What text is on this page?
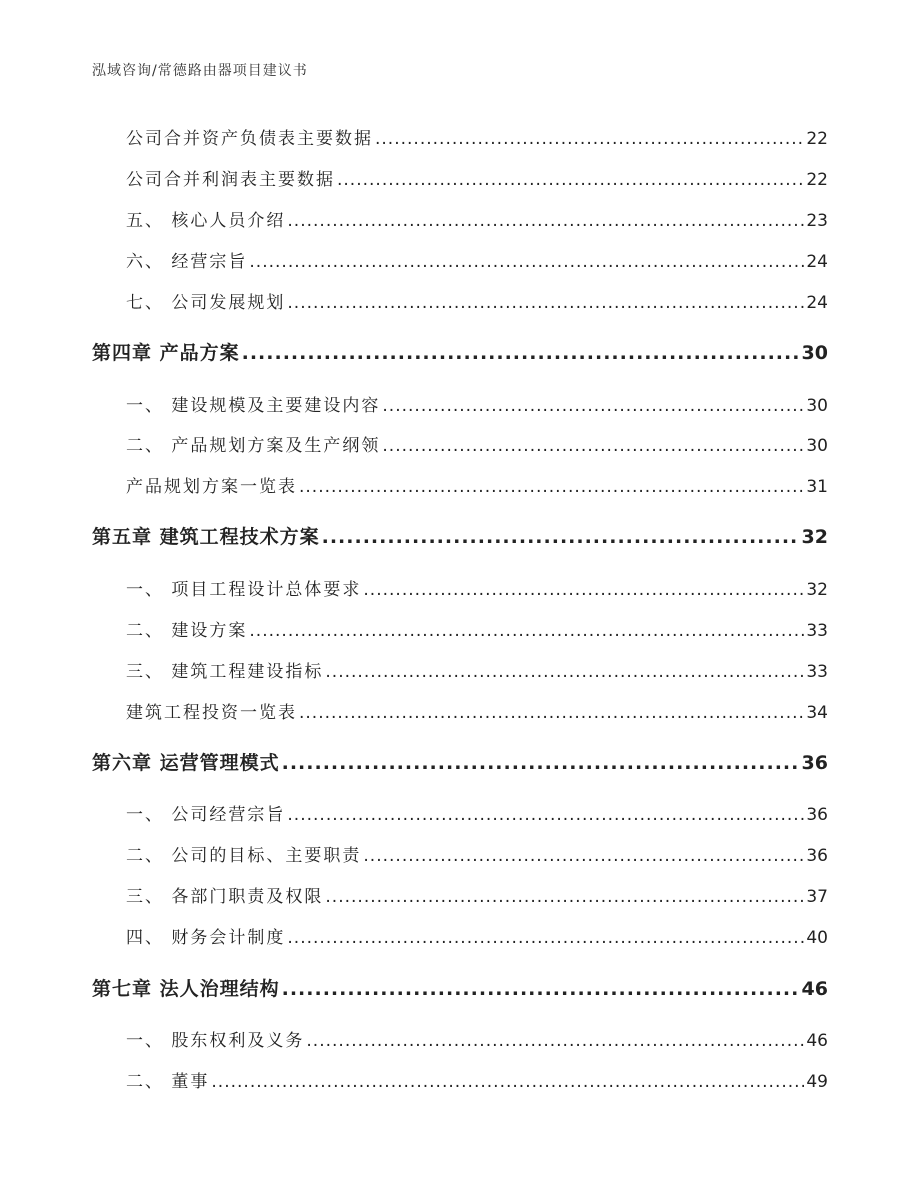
泓域咨询/常德路由器项目建议书
公司合并资产负债表主要数据 .....	22
公司合并利润表主要数据 .....	22
五、 核心人员介绍 .....	23
六、 经营宗旨 .....	24
七、 公司发展规划 .....	24
第四章 产品方案 .....	30
一、 建设规模及主要建设内容 .....	30
二、 产品规划方案及生产纲领 .....	30
产品规划方案一览表 .....	31
第五章 建筑工程技术方案 .....	32
一、 项目工程设计总体要求 .....	32
二、 建设方案 .....	33
三、 建筑工程建设指标 .....	33
建筑工程投资一览表 .....	34
第六章 运营管理模式 .....	36
一、 公司经营宗旨 .....	36
二、 公司的目标、主要职责 .....	36
三、 各部门职责及权限 .....	37
四、 财务会计制度 .....	40
第七章 法人治理结构 .....	46
一、 股东权利及义务 .....	46
二、 董事 .....	49
